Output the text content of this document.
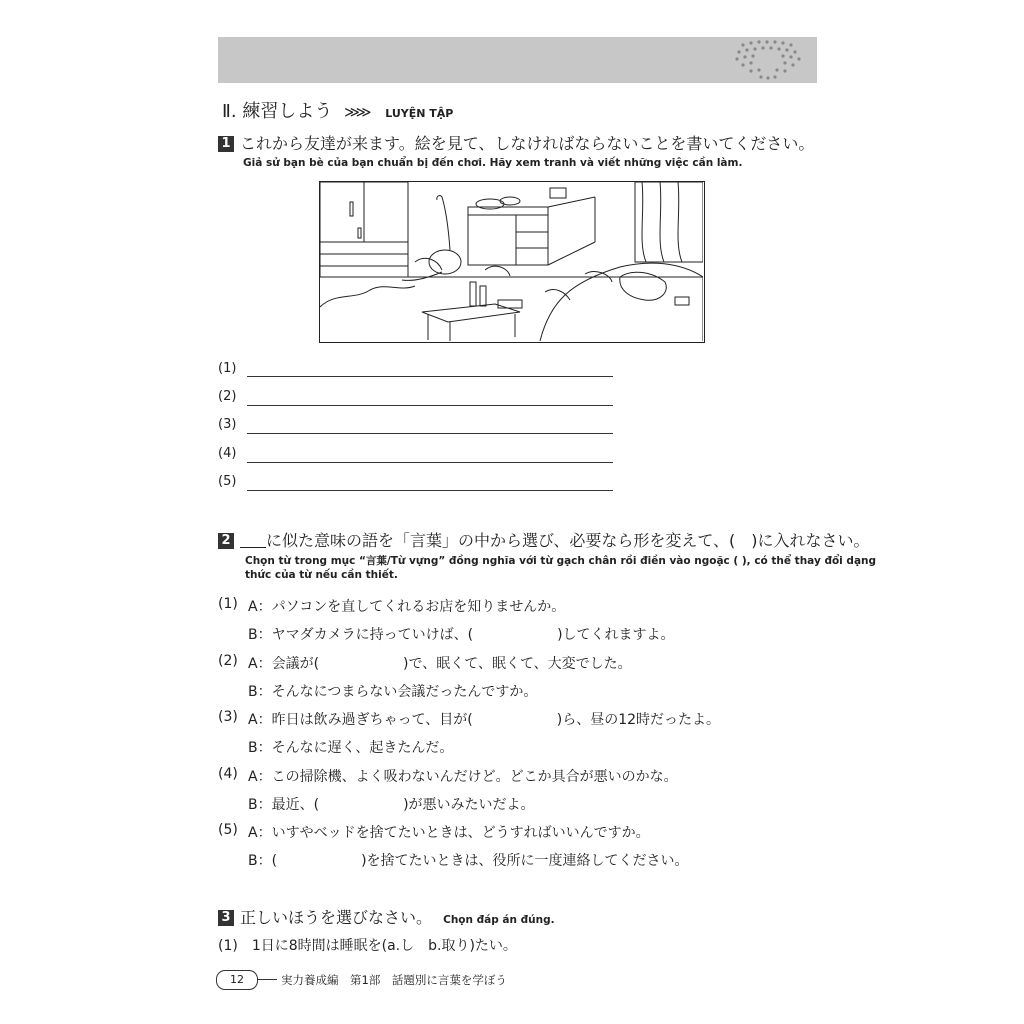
Ⅱ. 練習しよう ≫≫ LUYỆN TẬP
1 これから友達が来ます。絵を見て、しなければならないことを書いてください。
Giả sử bạn bè của bạn chuẩn bị đến chơi. Hãy xem tranh và viết những việc cần làm.
(1)
(2)
(3)
(4)
(5)
2 に似た意味の語を「言葉」の中から選び、必要なら形を変えて、(　)に入れなさい。
Chọn từ trong mục “言葉/Từ vựng” đồng nghĩa với từ gạch chân rồi điền vào ngoặc ( ), có thể thay đổi dạng
thức của từ nếu cần thiết.
(1) A：パソコンを直してくれるお店を知りませんか。
B：ヤマダカメラに持っていけば、(　　　　　　)してくれますよ。
(2) A：会議が(　　　　　　)で、眠くて、眠くて、大変でした。
B：そんなにつまらない会議だったんですか。
(3) A：昨日は飲み過ぎちゃって、目が(　　　　　　)ら、昼の12時だったよ。
B：そんなに遅く、起きたんだ。
(4) A：この掃除機、よく吸わないんだけど。どこか具合が悪いのかな。
B：最近、(　　　　　　)が悪いみたいだよ。
(5) A：いすやベッドを捨てたいときは、どうすればいいんですか。
B：(　　　　　　)を捨てたいときは、役所に一度連絡してください。
3 正しいほうを選びなさい。 Chọn đáp án đúng.
(1)　1日に8時間は睡眠を(a.し　b.取り)たい。
12	実力養成編　第1部　話題別に言葉を学ぼう
